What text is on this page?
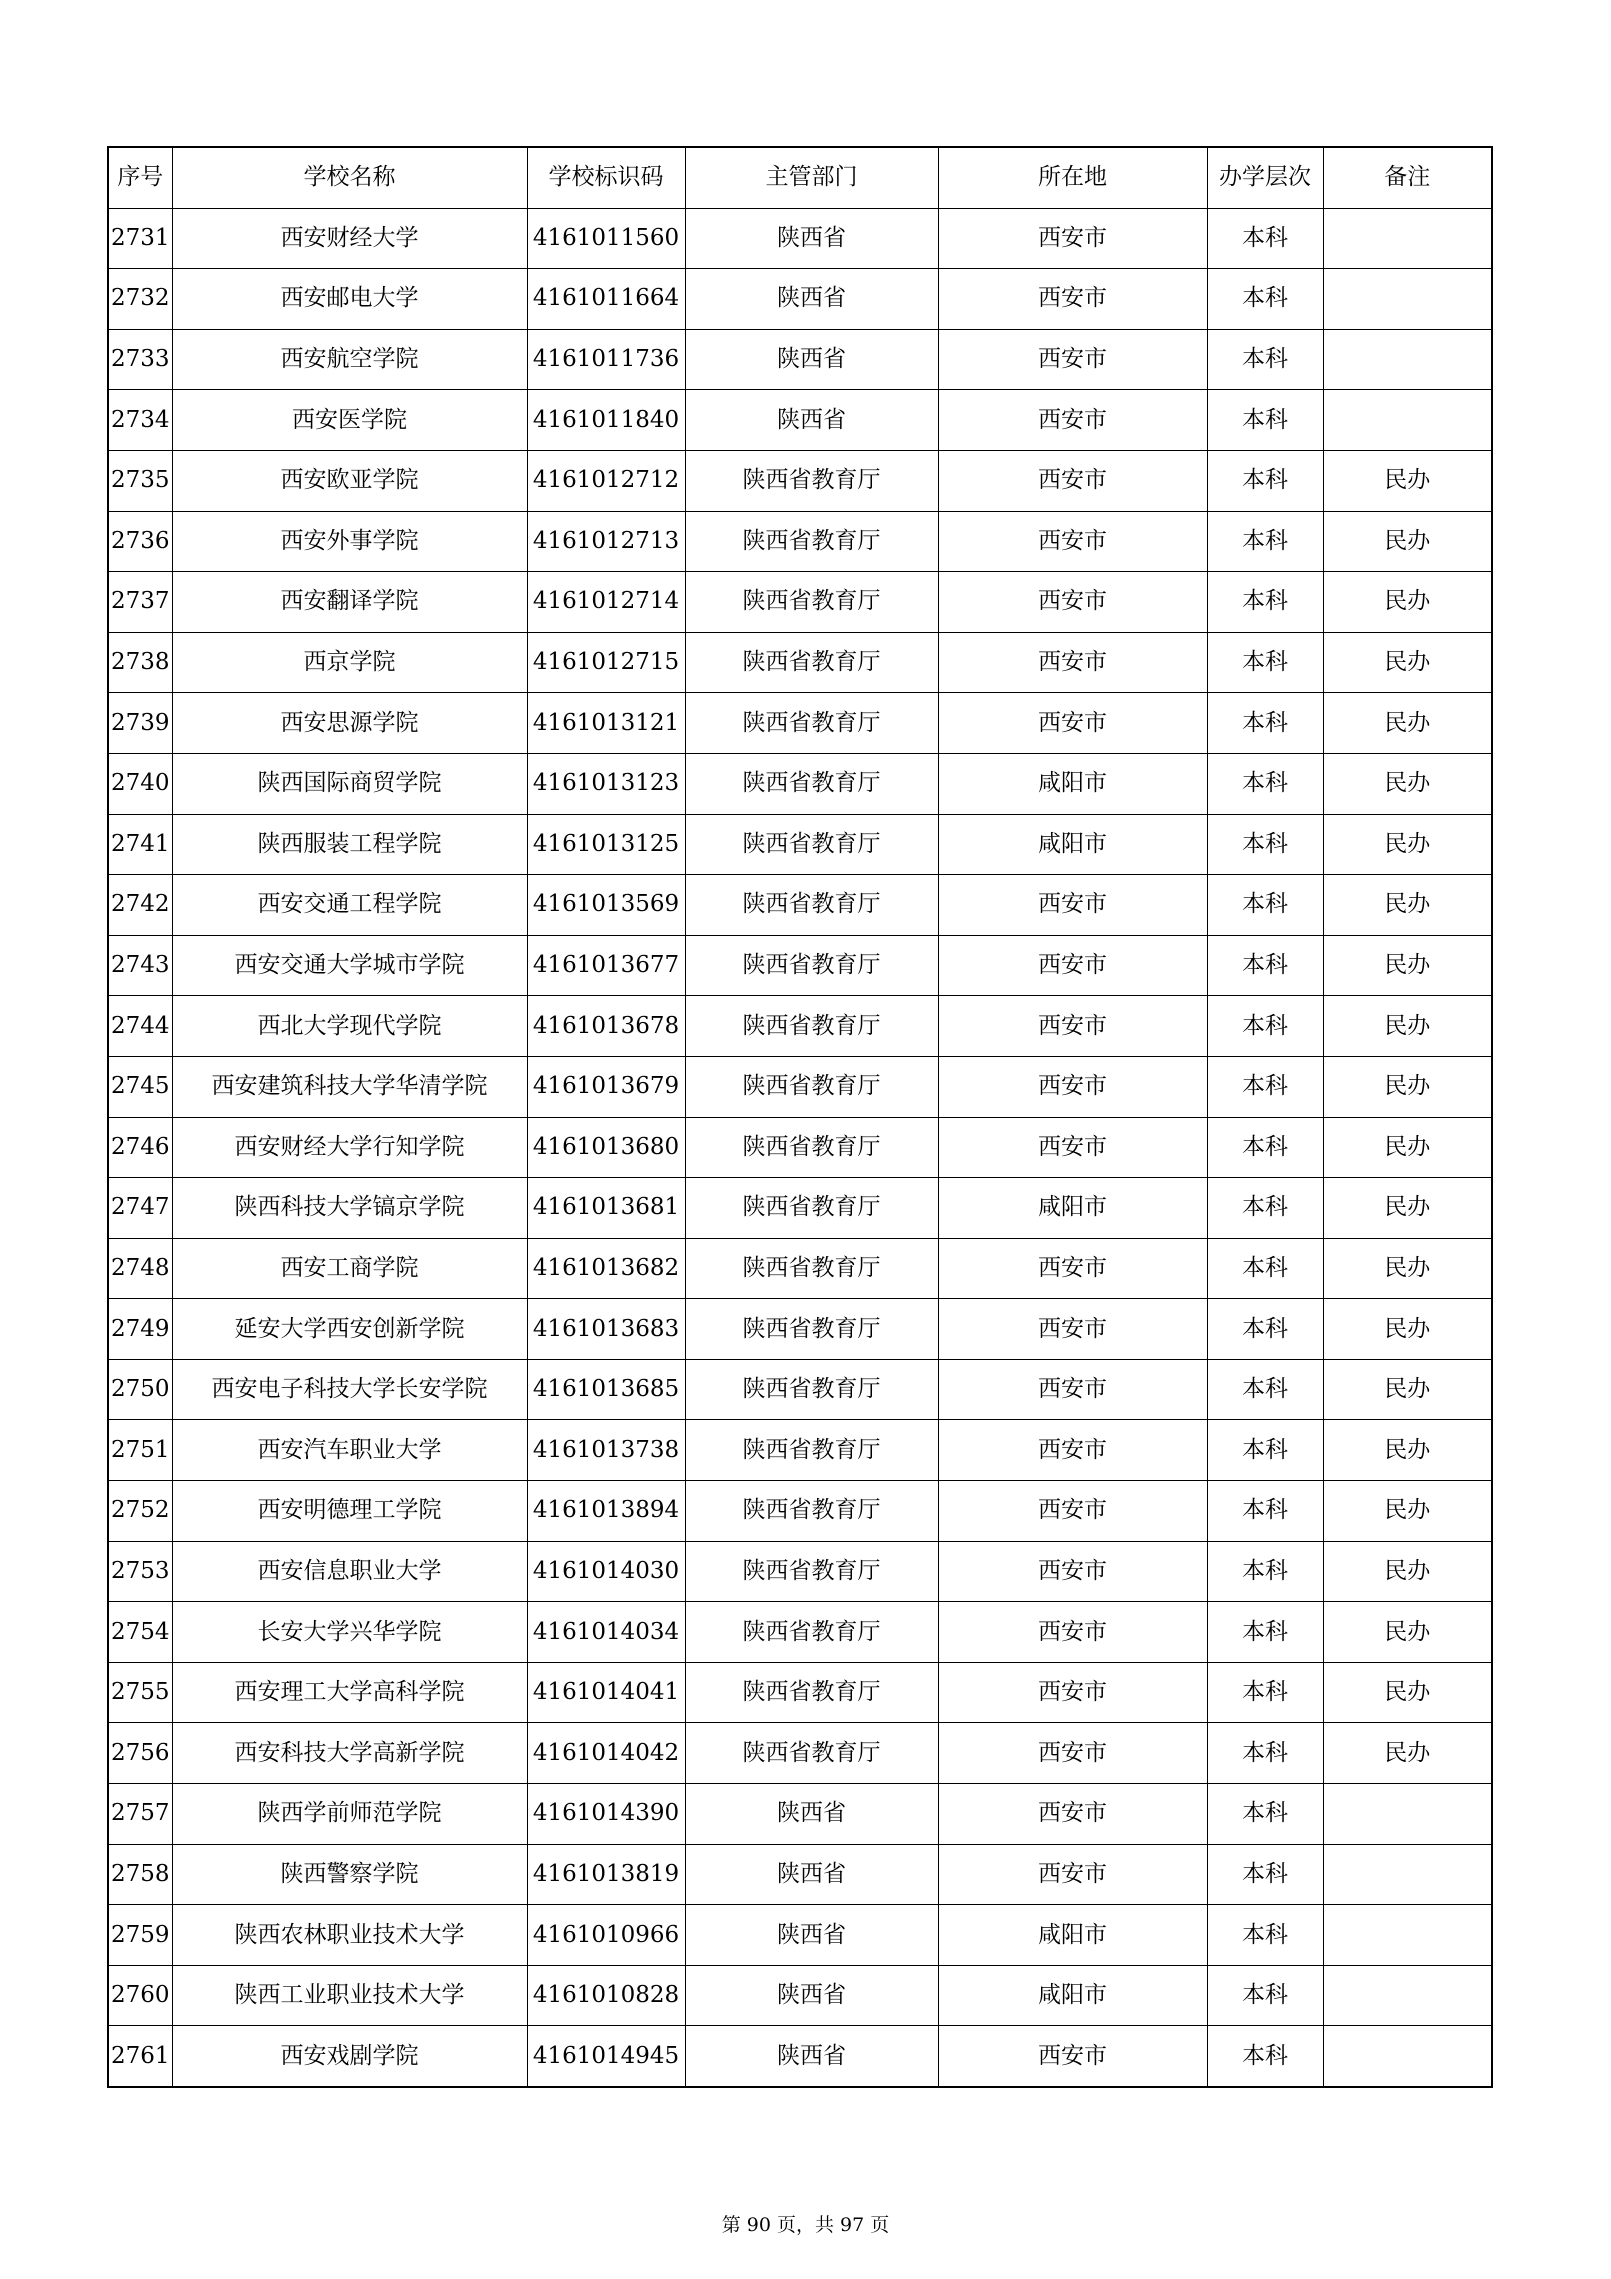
序号	学校名称	学校标识码	主管部门	所在地	办学层次	备注
2731	西安财经大学	4161011560	陕西省	西安市	本科	
2732	西安邮电大学	4161011664	陕西省	西安市	本科	
2733	西安航空学院	4161011736	陕西省	西安市	本科	
2734	西安医学院	4161011840	陕西省	西安市	本科	
2735	西安欧亚学院	4161012712	陕西省教育厅	西安市	本科	民办
2736	西安外事学院	4161012713	陕西省教育厅	西安市	本科	民办
2737	西安翻译学院	4161012714	陕西省教育厅	西安市	本科	民办
2738	西京学院	4161012715	陕西省教育厅	西安市	本科	民办
2739	西安思源学院	4161013121	陕西省教育厅	西安市	本科	民办
2740	陕西国际商贸学院	4161013123	陕西省教育厅	咸阳市	本科	民办
2741	陕西服装工程学院	4161013125	陕西省教育厅	咸阳市	本科	民办
2742	西安交通工程学院	4161013569	陕西省教育厅	西安市	本科	民办
2743	西安交通大学城市学院	4161013677	陕西省教育厅	西安市	本科	民办
2744	西北大学现代学院	4161013678	陕西省教育厅	西安市	本科	民办
2745	西安建筑科技大学华清学院	4161013679	陕西省教育厅	西安市	本科	民办
2746	西安财经大学行知学院	4161013680	陕西省教育厅	西安市	本科	民办
2747	陕西科技大学镐京学院	4161013681	陕西省教育厅	咸阳市	本科	民办
2748	西安工商学院	4161013682	陕西省教育厅	西安市	本科	民办
2749	延安大学西安创新学院	4161013683	陕西省教育厅	西安市	本科	民办
2750	西安电子科技大学长安学院	4161013685	陕西省教育厅	西安市	本科	民办
2751	西安汽车职业大学	4161013738	陕西省教育厅	西安市	本科	民办
2752	西安明德理工学院	4161013894	陕西省教育厅	西安市	本科	民办
2753	西安信息职业大学	4161014030	陕西省教育厅	西安市	本科	民办
2754	长安大学兴华学院	4161014034	陕西省教育厅	西安市	本科	民办
2755	西安理工大学高科学院	4161014041	陕西省教育厅	西安市	本科	民办
2756	西安科技大学高新学院	4161014042	陕西省教育厅	西安市	本科	民办
2757	陕西学前师范学院	4161014390	陕西省	西安市	本科	
2758	陕西警察学院	4161013819	陕西省	西安市	本科	
2759	陕西农林职业技术大学	4161010966	陕西省	咸阳市	本科	
2760	陕西工业职业技术大学	4161010828	陕西省	咸阳市	本科	
2761	西安戏剧学院	4161014945	陕西省	西安市	本科	
第 90 页，共 97 页
